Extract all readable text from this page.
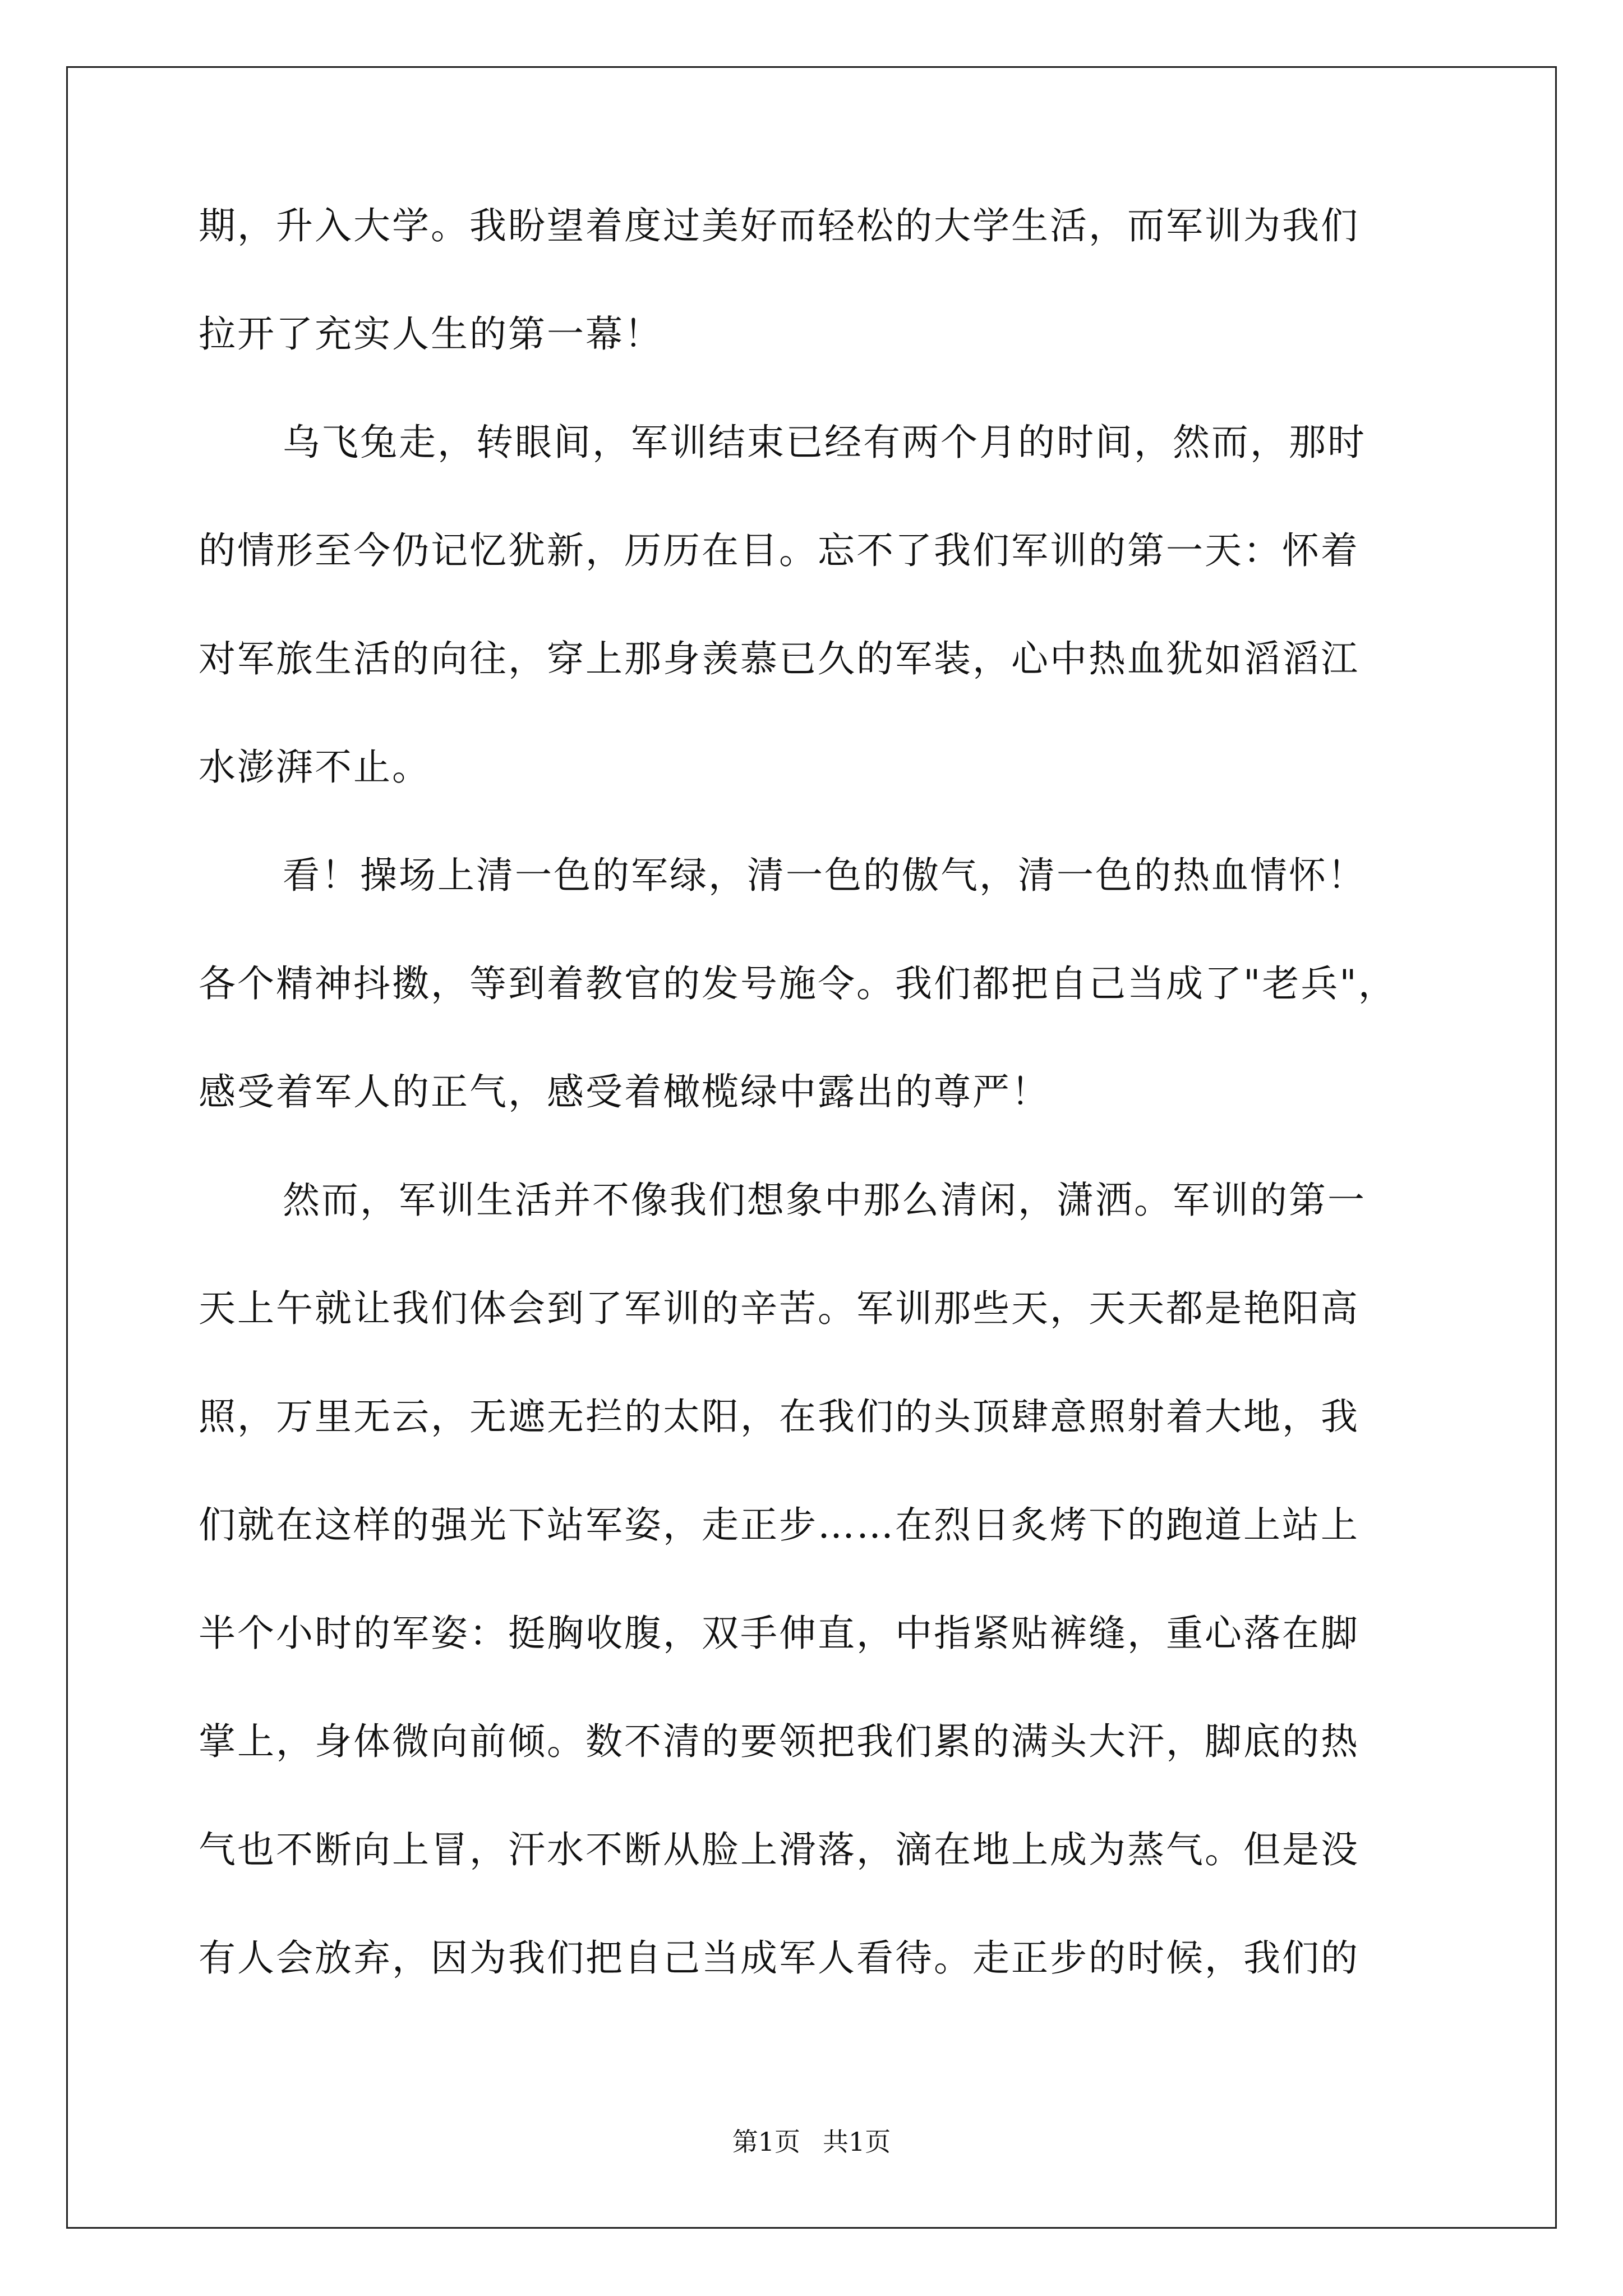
期，升入大学。我盼望着度过美好而轻松的大学生活，而军训为我们
拉开了充实人生的第一幕！
乌飞兔走，转眼间，军训结束已经有两个月的时间，然而，那时
的情形至今仍记忆犹新，历历在目。忘不了我们军训的第一天：怀着
对军旅生活的向往，穿上那身羡慕已久的军装，心中热血犹如滔滔江
水澎湃不止。
看！操场上清一色的军绿，清一色的傲气，清一色的热血情怀！
各个精神抖擞，等到着教官的发号施令。我们都把自己当成了"老兵"，
感受着军人的正气，感受着橄榄绿中露出的尊严！
然而，军训生活并不像我们想象中那么清闲，潇洒。军训的第一
天上午就让我们体会到了军训的辛苦。军训那些天，天天都是艳阳高
照，万里无云，无遮无拦的太阳，在我们的头顶肆意照射着大地，我
们就在这样的强光下站军姿，走正步……在烈日炙烤下的跑道上站上
半个小时的军姿：挺胸收腹，双手伸直，中指紧贴裤缝，重心落在脚
掌上，身体微向前倾。数不清的要领把我们累的满头大汗，脚底的热
气也不断向上冒，汗水不断从脸上滑落，滴在地上成为蒸气。但是没
有人会放弃，因为我们把自己当成军人看待。走正步的时候，我们的
第1页 共1页
